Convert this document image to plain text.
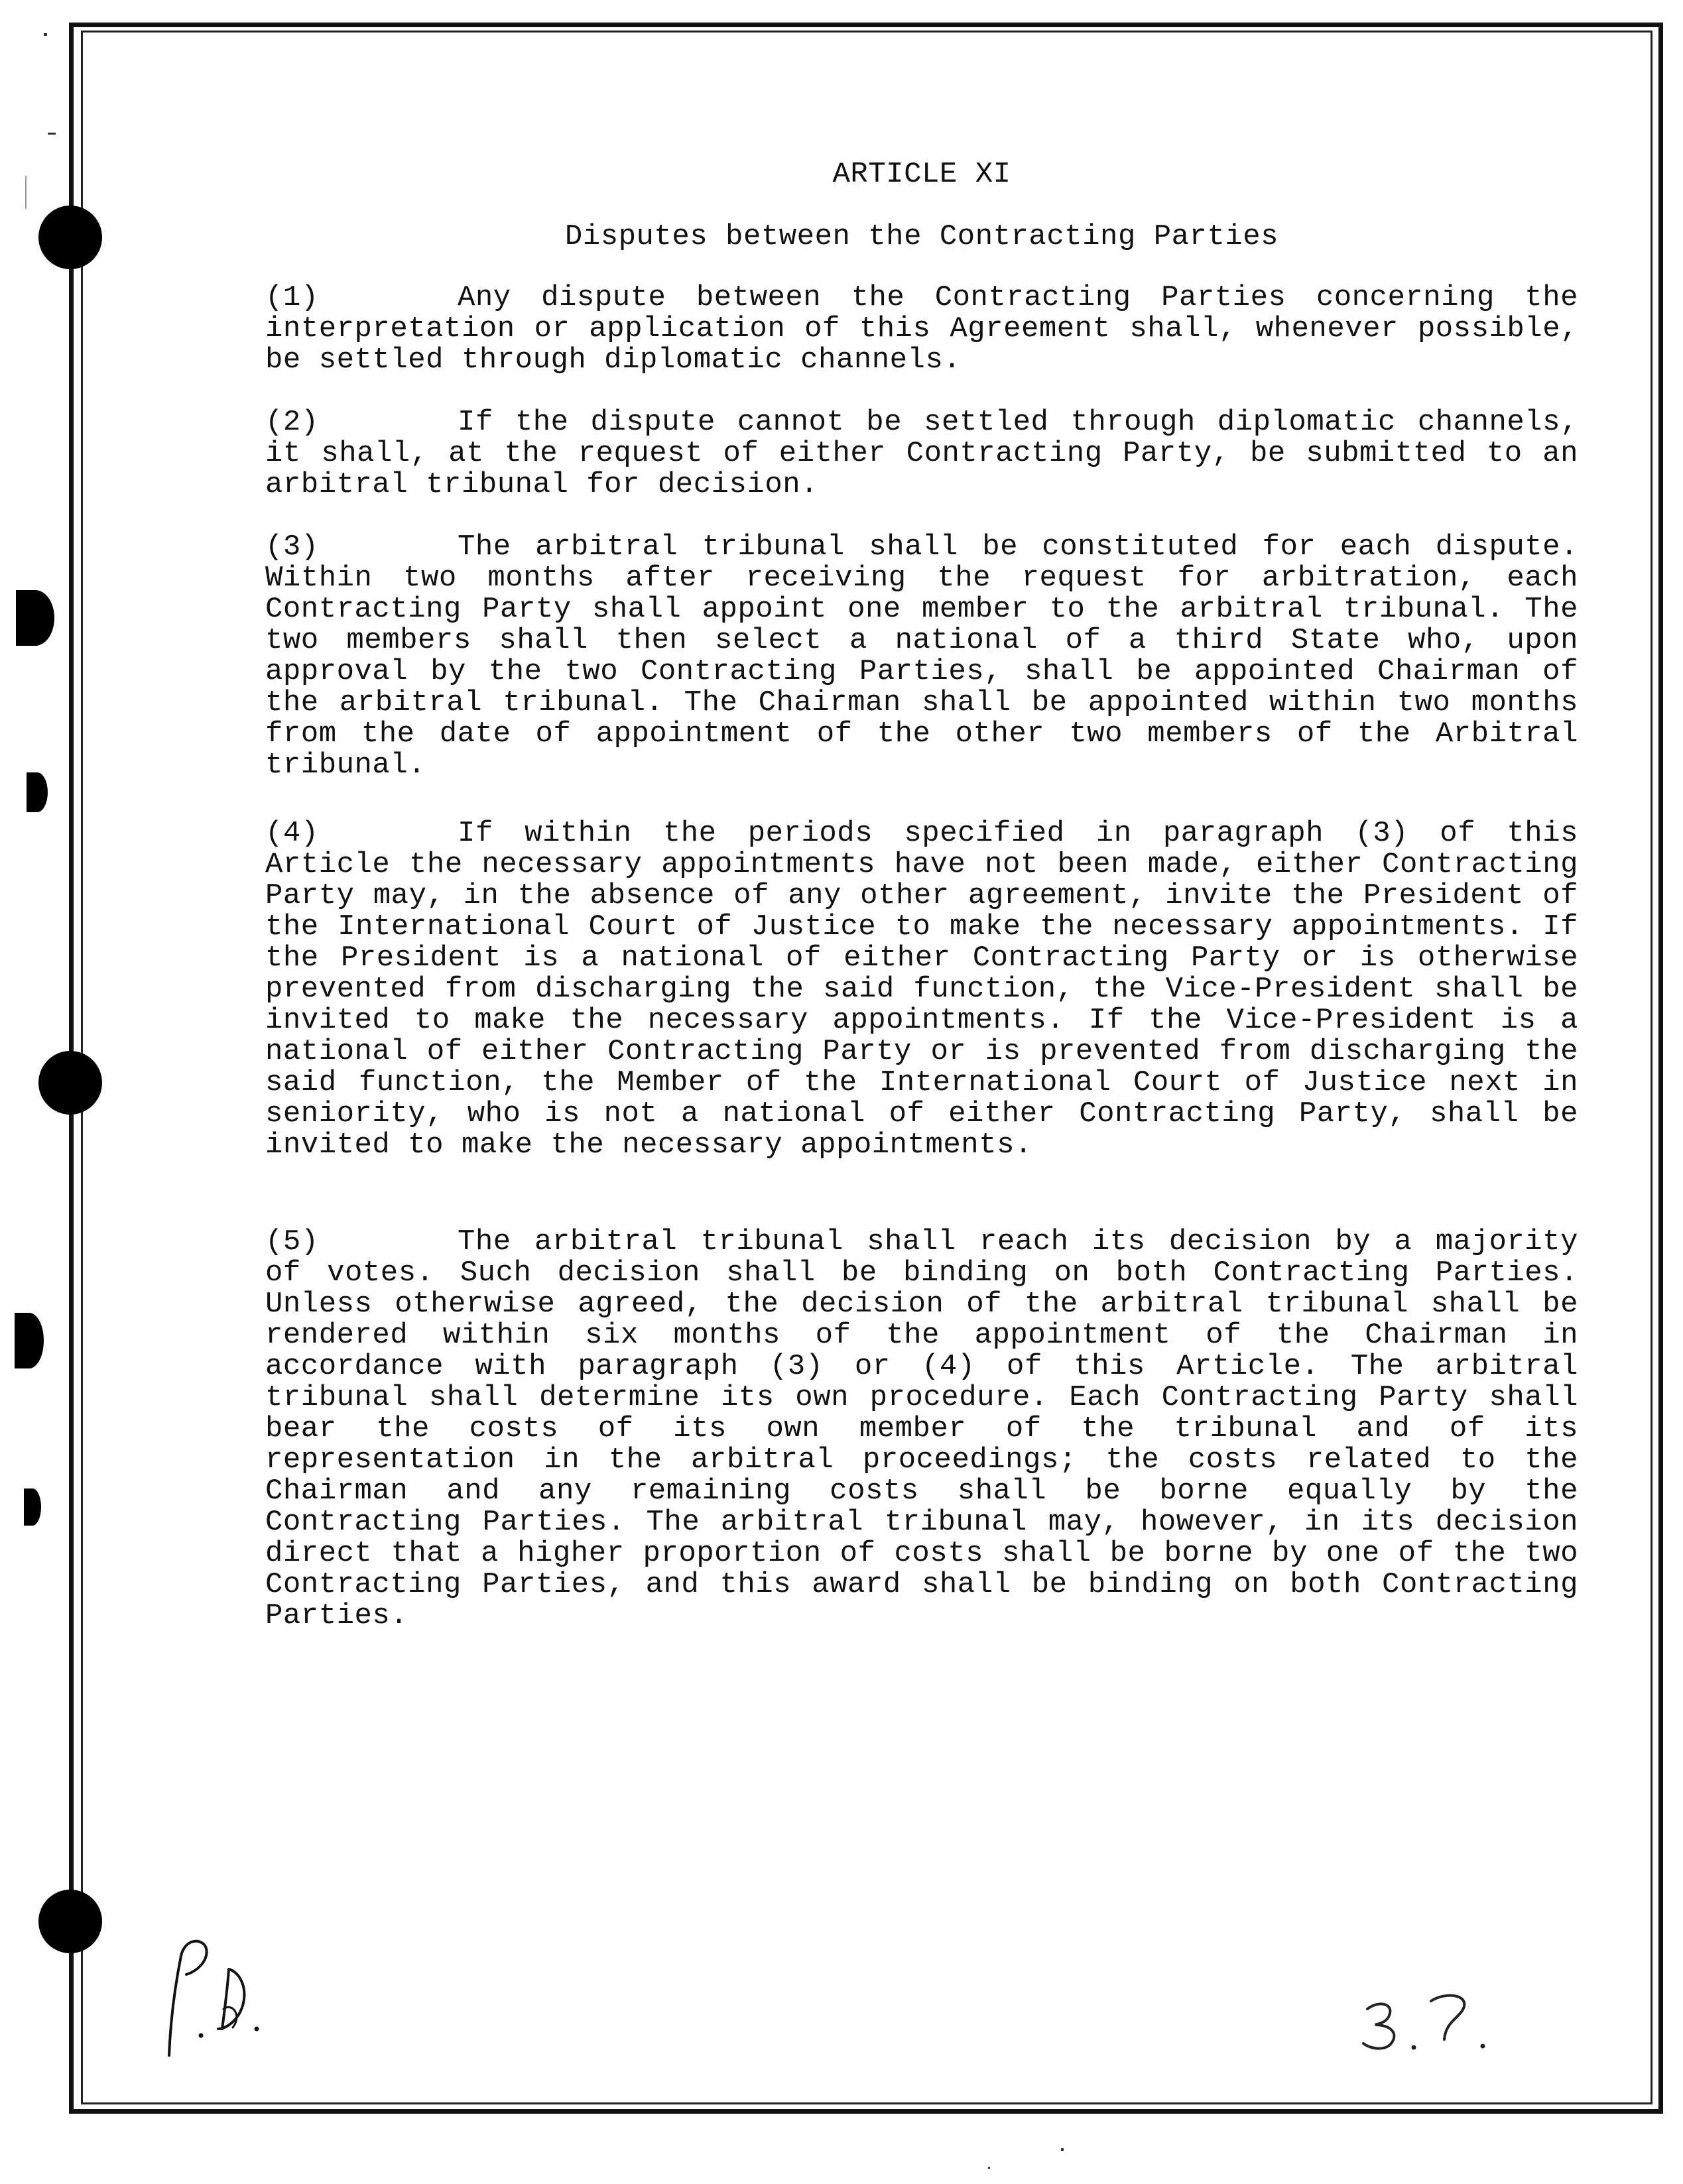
ARTICLE XI
Disputes between the Contracting Parties
(1)	Any dispute between the Contracting Parties concerning the interpretation or application of this Agreement shall, whenever possible, be settled through diplomatic channels.
(2)	If the dispute cannot be settled through diplomatic channels, it shall, at the request of either Contracting Party, be submitted to an arbitral tribunal for decision.
(3)	The arbitral tribunal shall be constituted for each dispute. Within two months after receiving the request for arbitration, each Contracting Party shall appoint one member to the arbitral tribunal. The two members shall then select a national of a third State who, upon approval by the two Contracting Parties, shall be appointed Chairman of the arbitral tribunal. The Chairman shall be appointed within two months from the date of appointment of the other two members of the Arbitral tribunal.
(4)	If within the periods specified in paragraph (3) of this Article the necessary appointments have not been made, either Contracting Party may, in the absence of any other agreement, invite the President of the International Court of Justice to make the necessary appointments. If the President is a national of either Contracting Party or is otherwise prevented from discharging the said function, the Vice-President shall be invited to make the necessary appointments. If the Vice-President is a national of either Contracting Party or is prevented from discharging the said function, the Member of the International Court of Justice next in seniority, who is not a national of either Contracting Party, shall be invited to make the necessary appointments.
(5)	The arbitral tribunal shall reach its decision by a majority of votes. Such decision shall be binding on both Contracting Parties. Unless otherwise agreed, the decision of the arbitral tribunal shall be rendered within six months of the appointment of the Chairman in accordance with paragraph (3) or (4) of this Article. The arbitral tribunal shall determine its own procedure. Each Contracting Party shall bear the costs of its own member of the tribunal and of its representation in the arbitral proceedings; the costs related to the Chairman and any remaining costs shall be borne equally by the Contracting Parties. The arbitral tribunal may, however, in its decision direct that a higher proportion of costs shall be borne by one of the two Contracting Parties, and this award shall be binding on both Contracting Parties.
